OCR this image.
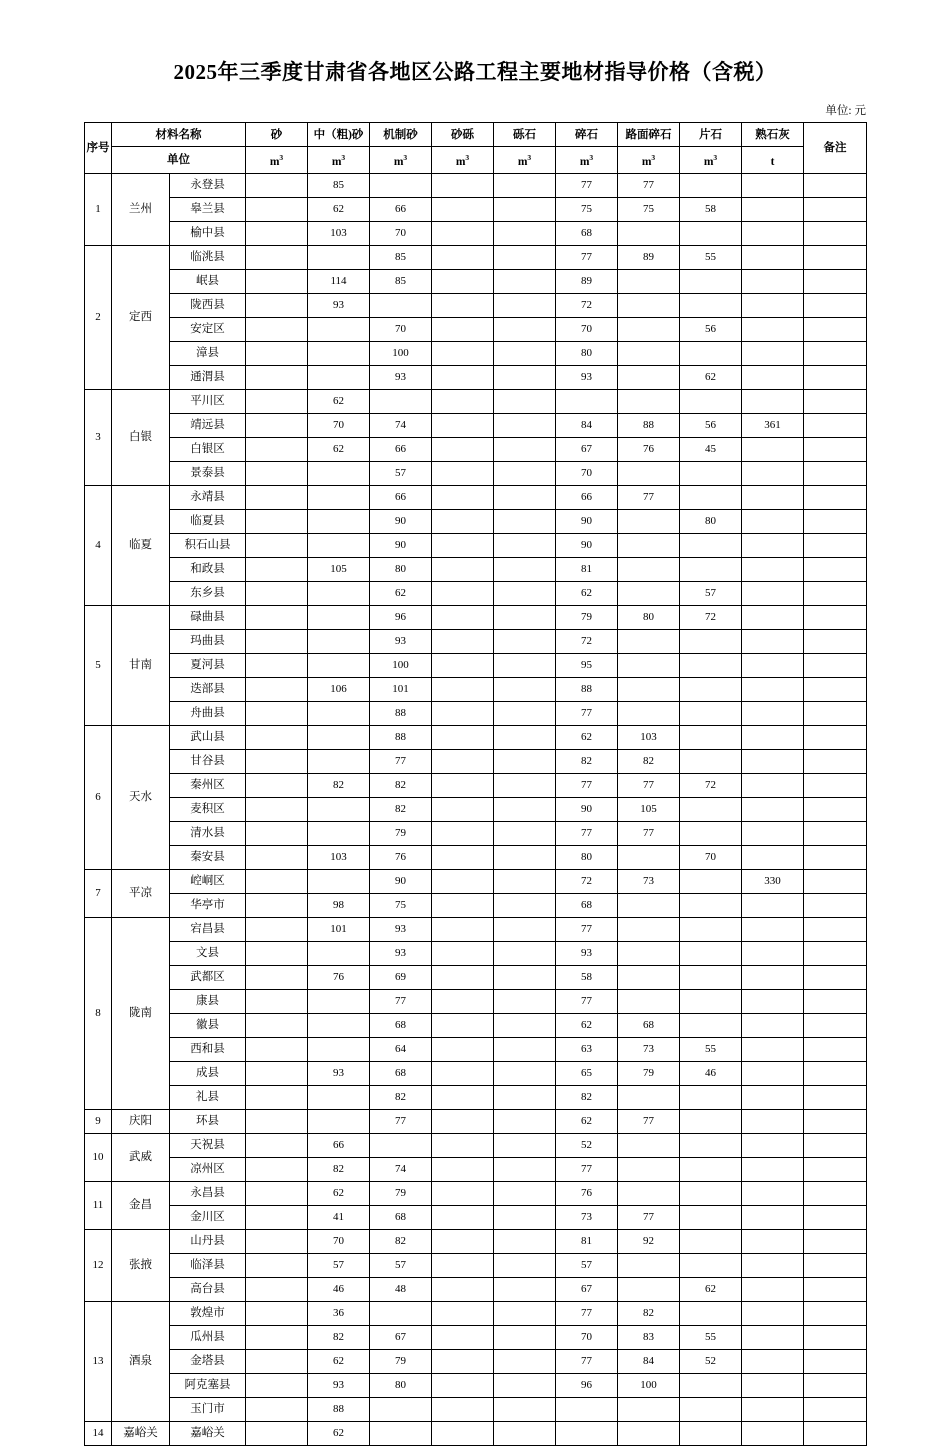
2025年三季度甘肃省各地区公路工程主要地材指导价格（含税）
单位: 元
序号	材料名称		砂	中（粗)砂	机制砂	砂砾	砾石	碎石	路面碎石	片石	熟石灰	备注
	单位		$m^3$	$m^3$	$m^3$	$m^3$	$m^3$	$m^3$	$m^3$	$m^3$	t	
1	兰州	永登县		85				77	77			
		皋兰县		62	66			75	75	58		
		榆中县		103	70			68				
2	定西	临洮县			85			77	89	55		
		岷县		114	85			89				
		陇西县		93				72				
		安定区			70			70		56		
		漳县			100			80				
		通渭县			93			93		62		
3	白银	平川区		62								
		靖远县		70	74			84	88	56	361	
		白银区		62	66			67	76	45		
		景泰县			57			70				
4	临夏	永靖县			66			66	77			
		临夏县			90			90		80		
		积石山县			90			90				
		和政县		105	80			81				
		东乡县			62			62		57		
5	甘南	碌曲县			96			79	80	72		
		玛曲县			93			72				
		夏河县			100			95				
		迭部县		106	101			88				
		舟曲县			88			77				
6	天水	武山县			88			62	103			
		甘谷县			77			82	82			
		秦州区		82	82			77	77	72		
		麦积区			82			90	105			
		清水县			79			77	77			
		秦安县		103	76			80		70		
7	平凉	崆峒区			90			72	73		330	
		华亭市		98	75			68				
8	陇南	宕昌县		101	93			77				
		文县			93			93				
		武都区		76	69			58				
		康县			77			77				
		徽县			68			62	68			
		西和县			64			63	73	55		
		成县		93	68			65	79	46		
		礼县			82			82				
9	庆阳	环县			77			62	77			
10	武威	天祝县		66				52				
		凉州区		82	74			77				
11	金昌	永昌县		62	79			76				
		金川区		41	68			73	77			
12	张掖	山丹县		70	82			81	92			
		临泽县		57	57			57				
		高台县		46	48			67		62		
13	酒泉	敦煌市		36				77	82			
		瓜州县		82	67			70	83	55		
		金塔县		62	79			77	84	52		
		阿克塞县		93	80			96	100			
		玉门市		88								
14	嘉峪关	嘉峪关		62								
